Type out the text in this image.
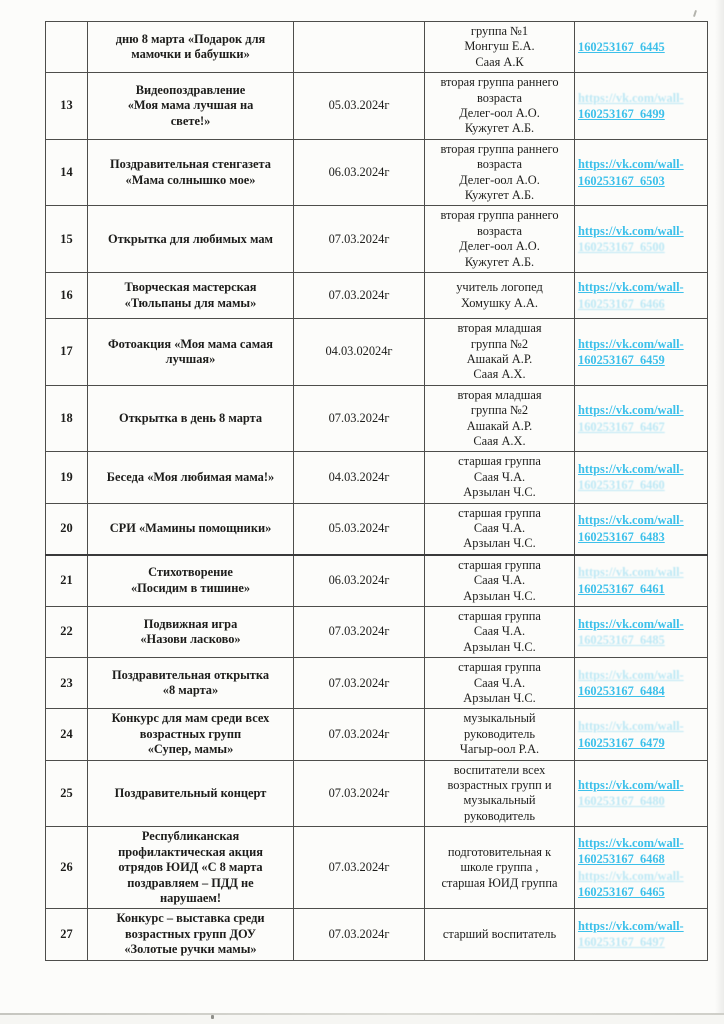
	дню 8 марта «Подарок для
мамочки и бабушки»		группа №1
Монгуш Е.А.
Саая А.К	160253167_6445

13	Видеопоздравление
«Моя мама лучшая на
свете!»	05.03.2024г	вторая группа раннего
возраста
Делег-оол А.О.
Кужугет А.Б.	https://vk.com/wall-
160253167_6499

14	Поздравительная стенгазета
«Мама солнышко мое»	06.03.2024г	вторая группа раннего
возраста
Делег-оол А.О.
Кужугет А.Б.	https://vk.com/wall-
160253167_6503

15	Открытка для любимых мам	07.03.2024г	вторая группа раннего
возраста
Делег-оол А.О.
Кужугет А.Б.	https://vk.com/wall-
160253167_6500

16	Творческая мастерская
«Тюльпаны для мамы»	07.03.2024г	учитель логопед
Хомушку А.А.	https://vk.com/wall-
160253167_6466

17	Фотоакция «Моя мама самая
лучшая»	04.03.02024г	вторая младшая
группа №2
Ашакай А.Р.
Саая А.Х.	https://vk.com/wall-
160253167_6459

18	Открытка в день 8 марта	07.03.2024г	вторая младшая
группа №2
Ашакай А.Р.
Саая А.Х.	https://vk.com/wall-
160253167_6467

19	Беседа «Моя любимая мама!»	04.03.2024г	старшая группа
Саая Ч.А.
Арзылан Ч.С.	https://vk.com/wall-
160253167_6460

20	СРИ «Мамины помощники»	05.03.2024г	старшая группа
Саая Ч.А.
Арзылан Ч.С.	https://vk.com/wall-
160253167_6483

21	Стихотворение
«Посидим в тишине»	06.03.2024г	старшая группа
Саая Ч.А.
Арзылан Ч.С.	https://vk.com/wall-
160253167_6461

22	Подвижная игра
«Назови ласково»	07.03.2024г	старшая группа
Саая Ч.А.
Арзылан Ч.С.	https://vk.com/wall-
160253167_6485

23	Поздравительная открытка
«8 марта»	07.03.2024г	старшая группа
Саая Ч.А.
Арзылан Ч.С.	https://vk.com/wall-
160253167_6484

24	Конкурс для мам среди всех
возрастных групп
«Супер, мамы»	07.03.2024г	музыкальный
руководитель
Чагыр-оол Р.А.	https://vk.com/wall-
160253167_6479

25	Поздравительный концерт	07.03.2024г	воспитатели всех
возрастных групп и
музыкальный
руководитель	https://vk.com/wall-
160253167_6480

26	Республиканская
профилактическая акция
отрядов ЮИД «С 8 марта
поздравляем – ПДД не
нарушаем!	07.03.2024г	подготовительная к
школе группа ,
старшая ЮИД группа	https://vk.com/wall-
160253167_6468
https://vk.com/wall-
160253167_6465

27	Конкурс – выставка среди
возрастных групп ДОУ
«Золотые ручки мамы»	07.03.2024г	старший воспитатель	https://vk.com/wall-
160253167_6497
